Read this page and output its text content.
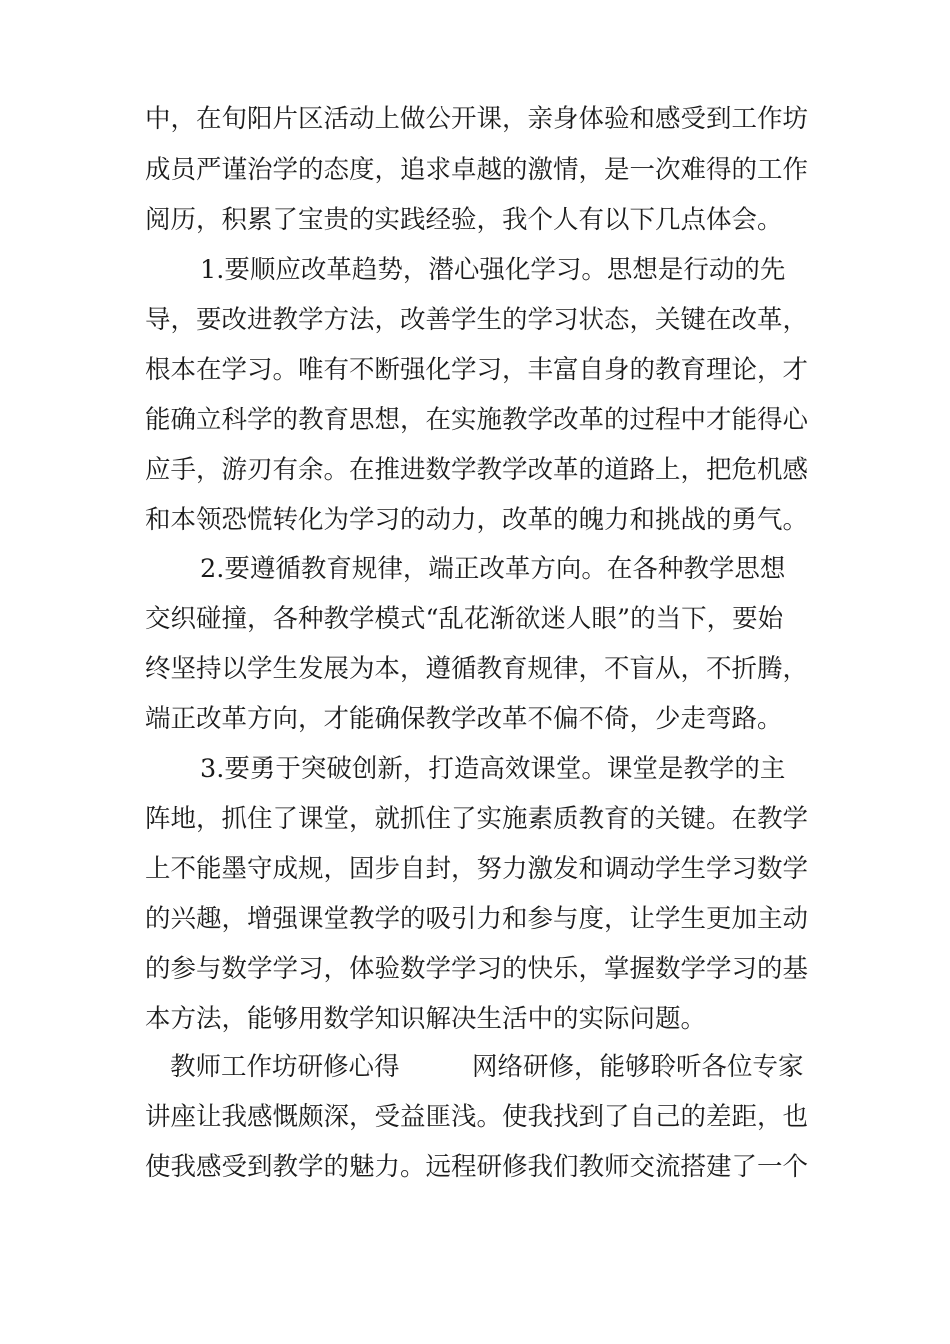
中，在旬阳片区活动上做公开课，亲身体验和感受到工作坊
成员严谨治学的态度，追求卓越的激情，是一次难得的工作
阅历，积累了宝贵的实践经验，我个人有以下几点体会。
1.要顺应改革趋势，潜心强化学习。思想是行动的先
导，要改进教学方法，改善学生的学习状态，关键在改革，
根本在学习。唯有不断强化学习，丰富自身的教育理论，才
能确立科学的教育思想，在实施教学改革的过程中才能得心
应手，游刃有余。在推进数学教学改革的道路上，把危机感
和本领恐慌转化为学习的动力，改革的魄力和挑战的勇气。
2.要遵循教育规律，端正改革方向。在各种教学思想
交织碰撞，各种教学模式“乱花渐欲迷人眼”的当下，要始
终坚持以学生发展为本，遵循教育规律，不盲从，不折腾，
端正改革方向，才能确保教学改革不偏不倚，少走弯路。
3.要勇于突破创新，打造高效课堂。课堂是教学的主
阵地，抓住了课堂，就抓住了实施素质教育的关键。在教学
上不能墨守成规，固步自封，努力激发和调动学生学习数学
的兴趣，增强课堂教学的吸引力和参与度，让学生更加主动
的参与数学学习，体验数学学习的快乐，掌握数学学习的基
本方法，能够用数学知识解决生活中的实际问题。
教师工作坊研修心得	网络研修，能够聆听各位专家
讲座让我感慨颇深，受益匪浅。使我找到了自己的差距，也
使我感受到教学的魅力。远程研修我们教师交流搭建了一个
